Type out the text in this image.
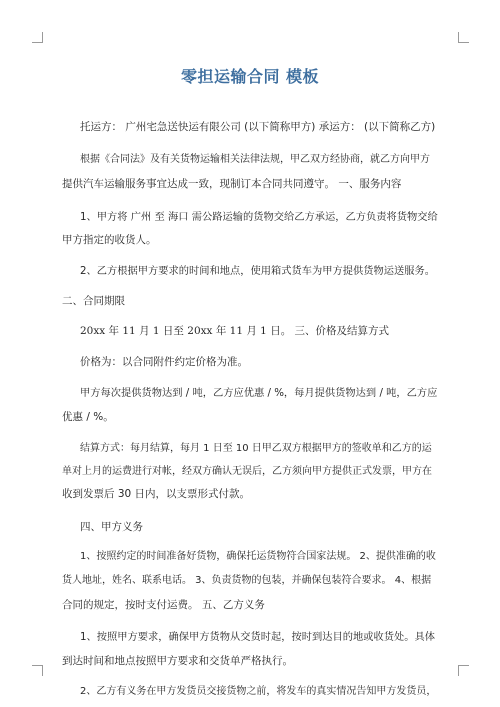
零担运输合同 模板
托运方： 广州宅急送快运有限公司 (以下简称甲方) 承运方： (以下简称乙方)
根据《合同法》及有关货物运输相关法律法规，甲乙双方经协商，就乙方向甲方
提供汽车运输服务事宜达成一致，现制订本合同共同遵守。 一、服务内容
1、甲方将 广州 至 海口 需公路运输的货物交给乙方承运，乙方负责将货物交给
甲方指定的收货人。
2、乙方根据甲方要求的时间和地点，使用箱式货车为甲方提供货物运送服务。
二、合同期限
20xx 年 11 月 1 日至 20xx 年 11 月 1 日。 三、价格及结算方式
价格为：以合同附件约定价格为准。
甲方每次提供货物达到 / 吨，乙方应优惠 / %，每月提供货物达到 / 吨，乙方应
优惠 / %。
结算方式：每月结算，每月 1 日至 10 日甲乙双方根据甲方的签收单和乙方的运
单对上月的运费进行对帐，经双方确认无误后，乙方须向甲方提供正式发票，甲方在
收到发票后 30 日内，以支票形式付款。
四、甲方义务
1、按照约定的时间准备好货物，确保托运货物符合国家法规。 2、提供准确的收
货人地址，姓名、联系电话。 3、负责货物的包装，并确保包装符合要求。 4、根据
合同的规定，按时支付运费。 五、乙方义务
1、按照甲方要求，确保甲方货物从交货时起，按时到达目的地或收货处。具体
到达时间和地点按照甲方要求和交货单严格执行。
2、乙方有义务在甲方发货员交接货物之前，将发车的真实情况告知甲方发货员，
